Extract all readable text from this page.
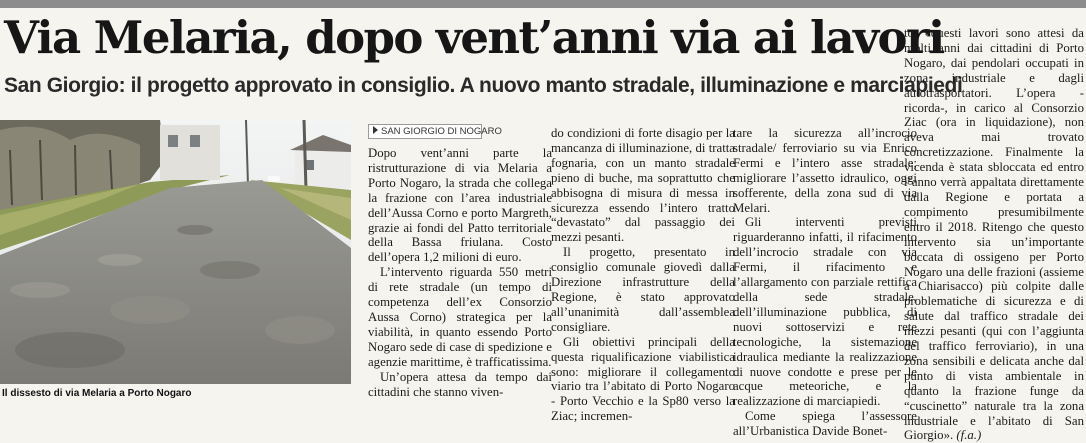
Via Melaria, dopo vent’anni via ai lavori
San Giorgio: il progetto approvato in consiglio. A nuovo manto stradale, illuminazione e marciapiedi
Il dissesto di via Melaria a Porto Nogaro
SAN GIORGIO DI NOGARO

Dopo vent’anni parte la ristrutturazione di via Melaria a Porto Nogaro, la strada che collega la frazione con l’area industriale dell’Aussa Corno e porto Margreth, grazie ai fondi del Patto territoriale della Bassa friulana. Costo dell’opera 1,2 milioni di euro.

L’intervento riguarda 550 metri di rete stradale (un tempo di competenza dell’ex Consorzio Aussa Corno) strategica per la viabilità, in quanto essendo Porto Nogaro sede di case di spedizione e agenzie marittime, è trafficatissima.

Un’opera attesa da tempo dai cittadini che stanno viven-

do condizioni di forte disagio per la mancanza di illuminazione, di tratta fognaria, con un manto stradale pieno di buche, ma soprattutto che abbisogna di misura di messa in sicurezza essendo l’intero tratto “devastato” dal passaggio dei mezzi pesanti.

Il progetto, presentato in consiglio comunale giovedì dalla Direzione infrastrutture della Regione, è stato approvato all’unanimità dall’assemblea consigliare.

Gli obiettivi principali della questa riqualificazione viabilistica sono: migliorare il collegamento viario tra l’abitato di Porto Nogaro - Porto Vecchio e la Sp80 verso la Ziac; incremen-

tare la sicurezza all’incrocio stradale/ ferroviario su via Enrico Fermi e l’intero asse stradale; migliorare l’assetto idraulico, oggi sofferente, della zona sud di via Melari.

Gli interventi previsti riguarderanno infatti, il rifacimento dell’incrocio stradale con via Fermi, il rifacimento e l’allargamento con parziale rettifica della sede stradale, dell’illuminazione pubblica, di nuovi sottoservizi e rete tecnologiche, la sistemazione idraulica mediante la realizzazione di nuove condotte e prese per le acque meteoriche, e la realizzazione di marciapiedi.

Come spiega l’assessore all’Urbanistica Davide Bonet-

to, «questi lavori sono attesi da molti anni dai cittadini di Porto Nogaro, dai pendolari occupati in zona industriale e dagli autotrasportatori. L’opera - ricorda-, in carico al Consorzio Ziac (ora in liquidazione), non aveva mai trovato concretizzazione. Finalmente la vicenda è stata sbloccata ed entro l’anno verrà appaltata direttamente dalla Regione e portata a compimento presumibilmente entro il 2018. Ritengo che questo intervento sia un’importante boccata di ossigeno per Porto Nogaro una delle frazioni (assieme a Chiarisacco) più colpite dalle problematiche di sicurezza e di salute dal traffico stradale dei mezzi pesanti (qui con l’aggiunta del traffico ferroviario), in una zona sensibili e delicata anche dal punto di vista ambientale in quanto la frazione funge da “cuscinetto” naturale tra la zona industriale e l’abitato di San Giorgio». (f.a.)
